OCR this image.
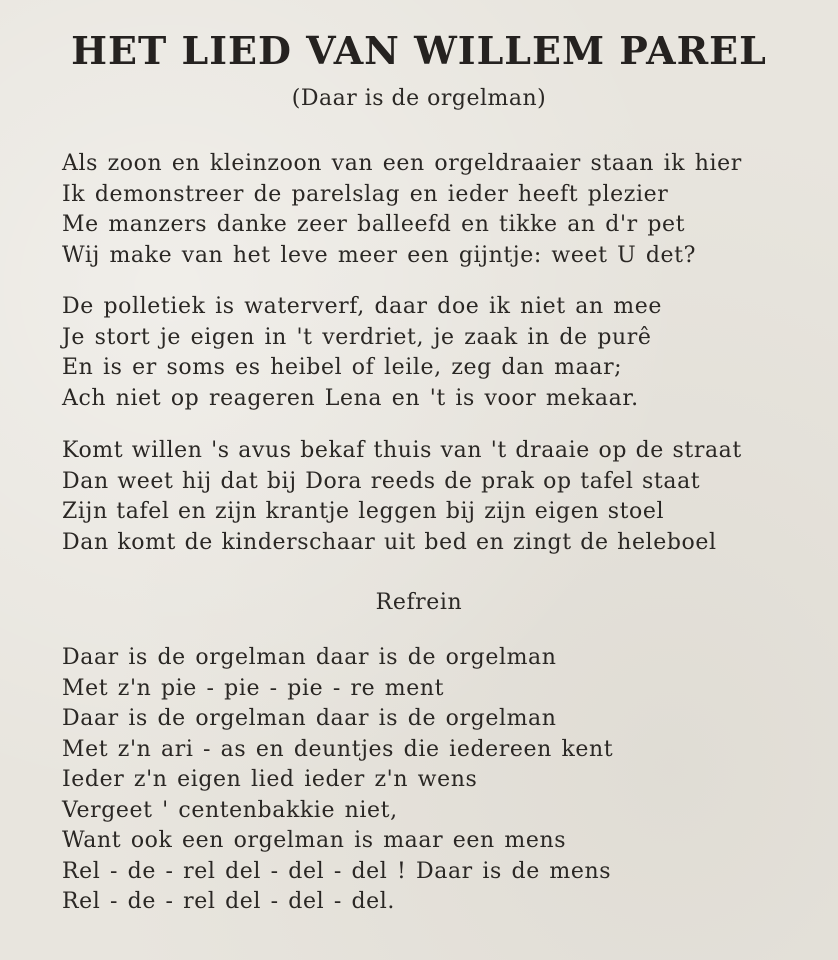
HET LIED VAN WILLEM PAREL

(Daar is de orgelman)

Als zoon en kleinzoon van een orgeldraaier staan ik hier
Ik demonstreer de parelslag en ieder heeft plezier
Me manzers danke zeer balleefd en tikke an d'r pet
Wij make van het leve meer een gijntje: weet U det?

De polletiek is waterverf, daar doe ik niet an mee
Je stort je eigen in 't verdriet, je zaak in de purê
En is er soms es heibel of leile, zeg dan maar;
Ach niet op reageren Lena en 't is voor mekaar.

Komt willen 's avus bekaf thuis van 't draaie op de straat
Dan weet hij dat bij Dora reeds de prak op tafel staat
Zijn tafel en zijn krantje leggen bij zijn eigen stoel
Dan komt de kinderschaar uit bed en zingt de heleboel

Refrein

Daar is de orgelman daar is de orgelman
Met z'n pie - pie - pie - re ment
Daar is de orgelman daar is de orgelman
Met z'n ari - as en deuntjes die iedereen kent
Ieder z'n eigen lied ieder z'n wens
Vergeet ' centenbakkie niet,
Want ook een orgelman is maar een mens
Rel - de - rel del - del - del ! Daar is de mens
Rel - de - rel del - del - del.
